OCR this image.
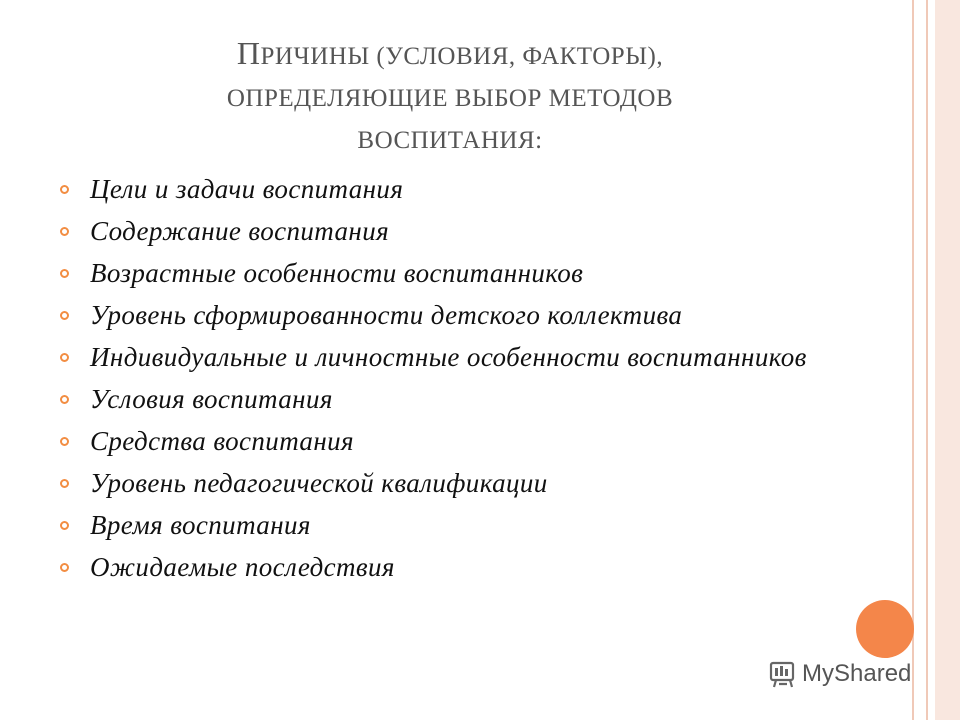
ПРИЧИНЫ (УСЛОВИЯ, ФАКТОРЫ),
ОПРЕДЕЛЯЮЩИЕ ВЫБОР МЕТОДОВ
ВОСПИТАНИЯ:
Цели и задачи воспитания
Содержание воспитания
Возрастные особенности воспитанников
Уровень сформированности детского коллектива
Индивидуальные и личностные особенности воспитанников
Условия воспитания
Средства воспитания
Уровень педагогической квалификации
Время воспитания
Ожидаемые последствия
MyShared
